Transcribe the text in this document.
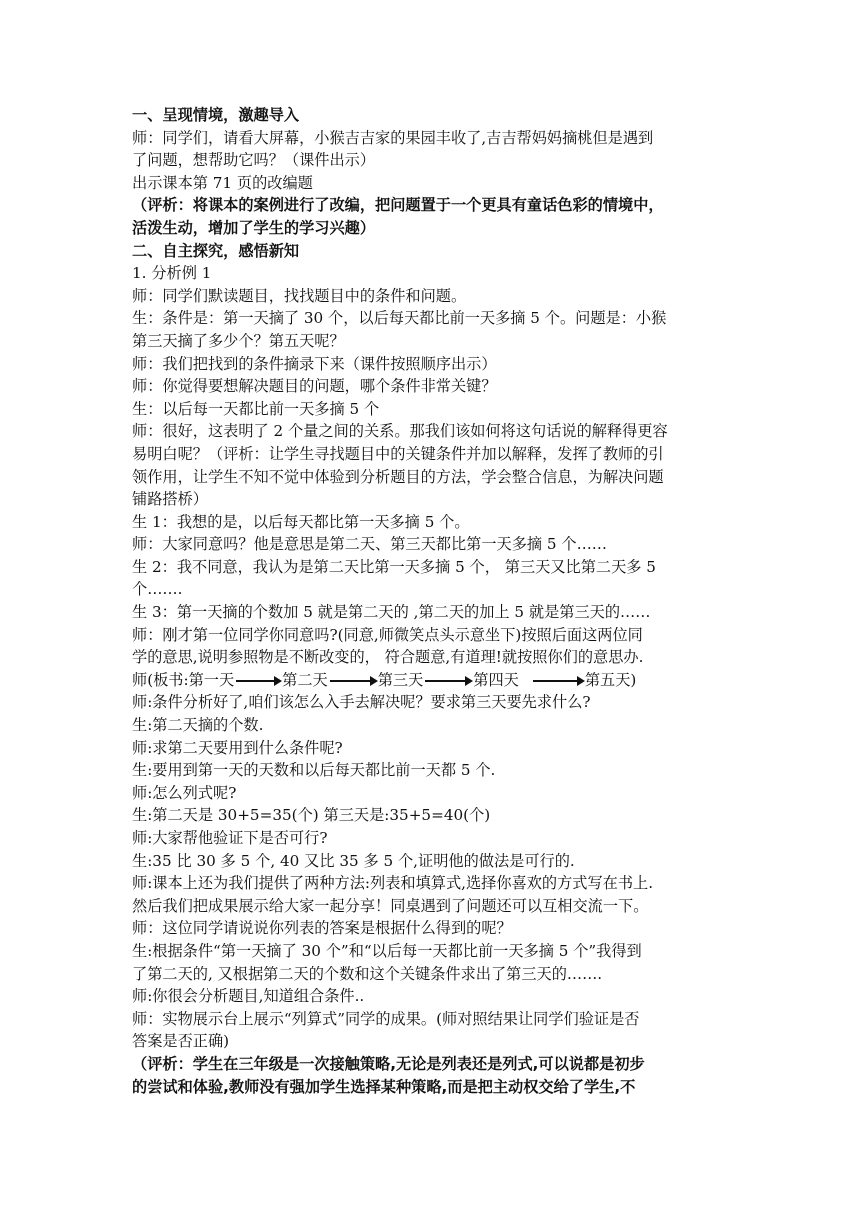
一、呈现情境，激趣导入
师：同学们，请看大屏幕，小猴吉吉家的果园丰收了,吉吉帮妈妈摘桃但是遇到
了问题，想帮助它吗？（课件出示）
出示课本第 71 页的改编题
（评析：将课本的案例进行了改编，把问题置于一个更具有童话色彩的情境中，
活泼生动，增加了学生的学习兴趣）
二、自主探究，感悟新知
1. 分析例 1
师：同学们默读题目，找找题目中的条件和问题。
生：条件是：第一天摘了 30 个，以后每天都比前一天多摘 5 个。问题是：小猴
第三天摘了多少个？第五天呢？
师：我们把找到的条件摘录下来（课件按照顺序出示）
师：你觉得要想解决题目的问题，哪个条件非常关键？
生：以后每一天都比前一天多摘 5 个
师：很好，这表明了 2 个量之间的关系。那我们该如何将这句话说的解释得更容
易明白呢？（评析：让学生寻找题目中的关键条件并加以解释，发挥了教师的引
领作用，让学生不知不觉中体验到分析题目的方法，学会整合信息，为解决问题
铺路搭桥）
生 1：我想的是，以后每天都比第一天多摘 5 个。
师：大家同意吗？他是意思是第二天、第三天都比第一天多摘 5 个……
生 2：我不同意，我认为是第二天比第一天多摘 5 个， 第三天又比第二天多 5
个…….
生 3：第一天摘的个数加 5 就是第二天的 ,第二天的加上 5 就是第三天的……
师：刚才第一位同学你同意吗?(同意,师微笑点头示意坐下)按照后面这两位同
学的意思,说明参照物是不断改变的， 符合题意,有道理!就按照你们的意思办.
师(板书:第一天	第二天	第三天	第四天	第五天)
师:条件分析好了,咱们该怎么入手去解决呢？要求第三天要先求什么?
生:第二天摘的个数.
师:求第二天要用到什么条件呢?
生:要用到第一天的天数和以后每天都比前一天都 5 个.
师:怎么列式呢?
生:第二天是 30+5=35(个) 第三天是:35+5=40(个)
师:大家帮他验证下是否可行?
生:35 比 30 多 5 个, 40 又比 35 多 5 个,证明他的做法是可行的.
师:课本上还为我们提供了两种方法:列表和填算式,选择你喜欢的方式写在书上.
然后我们把成果展示给大家一起分享！同桌遇到了问题还可以互相交流一下。
师：这位同学请说说你列表的答案是根据什么得到的呢？
生:根据条件“第一天摘了 30 个”和“以后每一天都比前一天多摘 5 个”我得到
了第二天的, 又根据第二天的个数和这个关键条件求出了第三天的…….
师:你很会分析题目,知道组合条件..
师：实物展示台上展示“列算式”同学的成果。(师对照结果让同学们验证是否
答案是否正确)
（评析：学生在三年级是一次接触策略,无论是列表还是列式,可以说都是初步
的尝试和体验,教师没有强加学生选择某种策略,而是把主动权交给了学生,不
